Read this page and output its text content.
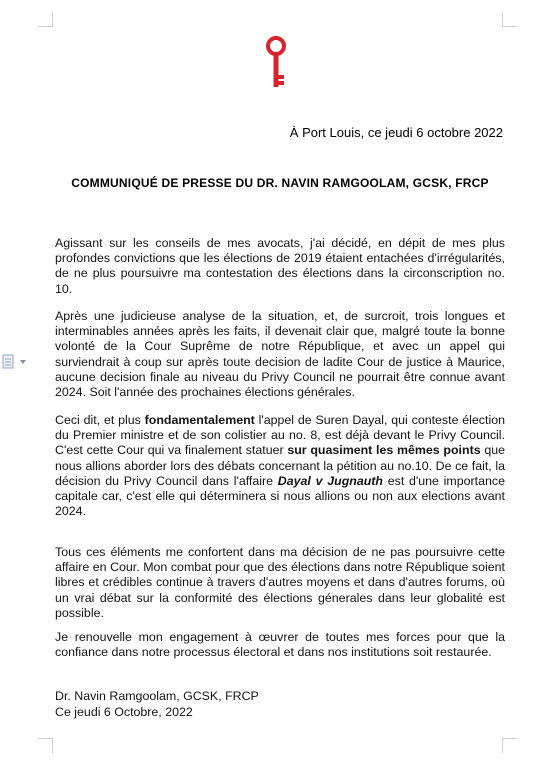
À Port Louis, ce jeudi 6 octobre 2022
COMMUNIQUÉ DE PRESSE DU DR. NAVIN RAMGOOLAM, GCSK, FRCP
Agissant sur les conseils de mes avocats, j'ai décidé, en dépit de mes plus profondes convictions que les élections de 2019 étaient entachées d'irrégularités, de ne plus poursuivre ma contestation des élections dans la circonscription no. 10.
Après une judicieuse analyse de la situation, et, de surcroit, trois longues et interminables années après les faits, il devenait clair que, malgré toute la bonne volonté de la Cour Suprême de notre République, et avec un appel qui surviendrait à coup sur après toute decision de ladite Cour de justice à Maurice, aucune decision finale au niveau du Privy Council ne pourrait être connue avant 2024. Soit l'année des prochaines élections générales.
Ceci dit, et plus fondamentalement l'appel de Suren Dayal, qui conteste élection du Premier ministre et de son colistier au no. 8, est déjà devant le Privy Council. C'est cette Cour qui va finalement statuer sur quasiment les mêmes points que nous allions aborder lors des débats concernant la pétition au no.10. De ce fait, la décision du Privy Council dans l'affaire Dayal v Jugnauth est d'une importance capitale car, c'est elle qui déterminera si nous allions ou non aux elections avant 2024.
Tous ces éléments me confortent dans ma décision de ne pas poursuivre cette affaire en Cour. Mon combat pour que des élections dans notre République soient libres et crédibles continue à travers d'autres moyens et dans d'autres forums, où un vrai débat sur la conformité des élections génerales dans leur globalité est possible.
Je renouvelle mon engagement à œuvrer de toutes mes forces pour que la confiance dans notre processus électoral et dans nos institutions soit restaurée.
Dr. Navin Ramgoolam, GCSK, FRCP
Ce jeudi 6 Octobre, 2022
